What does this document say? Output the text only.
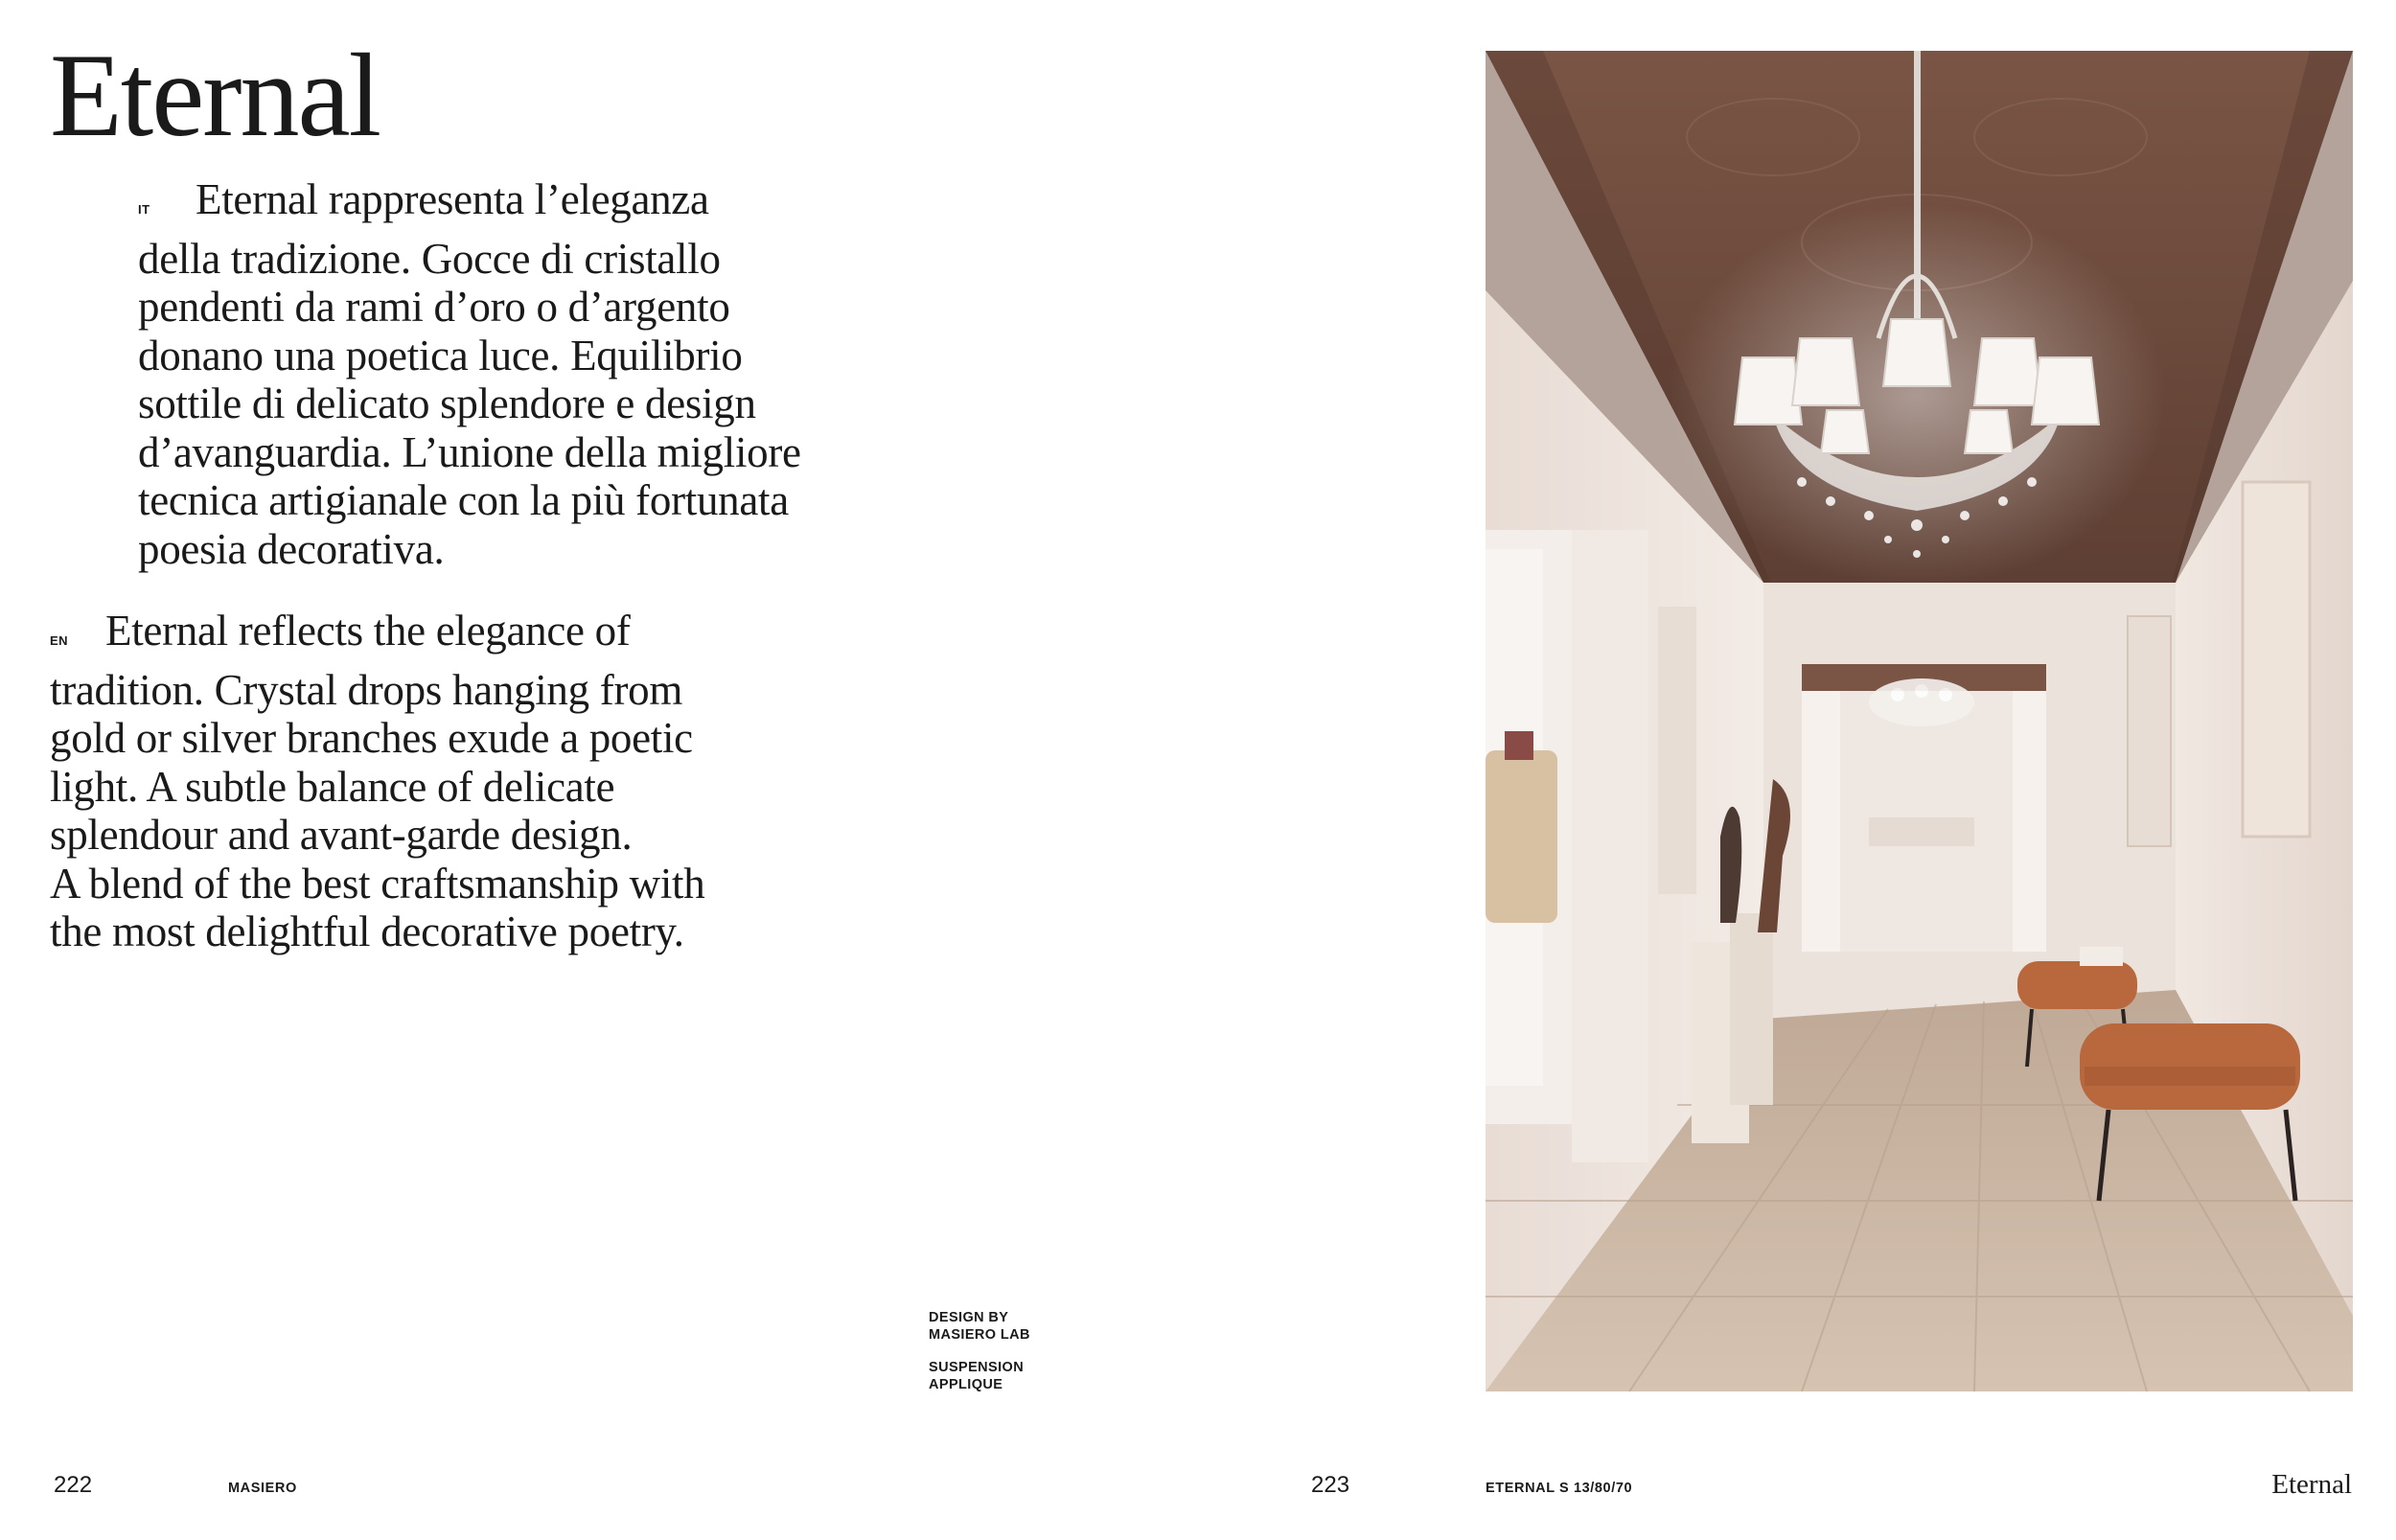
Eternal

IT Eternal rappresenta l’eleganza
della tradizione. Gocce di cristallo
pendenti da rami d’oro o d’argento
donano una poetica luce. Equilibrio
sottile di delicato splendore e design
d’avanguardia. L’unione della migliore
tecnica artigianale con la più fortunata
poesia decorativa.

EN Eternal reflects the elegance of
tradition. Crystal drops hanging from
gold or silver branches exude a poetic
light. A subtle balance of delicate
splendour and avant-garde design.
A blend of the best craftsmanship with
the most delightful decorative poetry.

DESIGN BY
MASIERO LAB
SUSPENSION
APPLIQUE
222	MASIERO	223	ETERNAL S 13/80/70	Eternal
